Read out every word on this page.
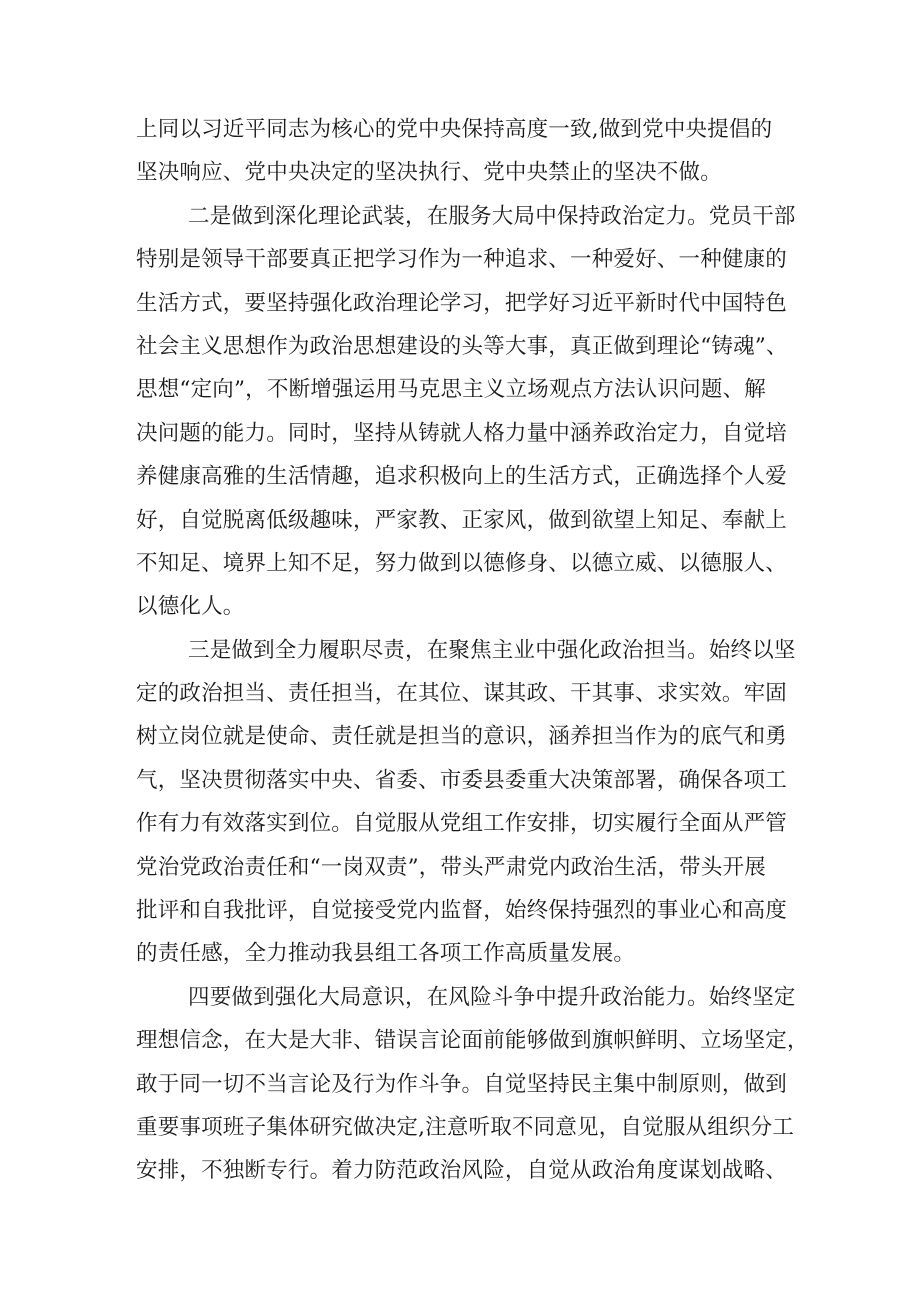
上同以习近平同志为核心的党中央保持高度一致,做到党中央提倡的
坚决响应、党中央决定的坚决执行、党中央禁止的坚决不做。
二是做到深化理论武装，在服务大局中保持政治定力。党员干部
特别是领导干部要真正把学习作为一种追求、一种爱好、一种健康的
生活方式，要坚持强化政治理论学习，把学好习近平新时代中国特色
社会主义思想作为政治思想建设的头等大事，真正做到理论“铸魂”、
思想“定向”，不断增强运用马克思主义立场观点方法认识问题、解
决问题的能力。同时，坚持从铸就人格力量中涵养政治定力，自觉培
养健康高雅的生活情趣，追求积极向上的生活方式，正确选择个人爱
好，自觉脱离低级趣味，严家教、正家风，做到欲望上知足、奉献上
不知足、境界上知不足，努力做到以德修身、以德立威、以德服人、
以德化人。
三是做到全力履职尽责，在聚焦主业中强化政治担当。始终以坚
定的政治担当、责任担当，在其位、谋其政、干其事、求实效。牢固
树立岗位就是使命、责任就是担当的意识，涵养担当作为的底气和勇
气，坚决贯彻落实中央、省委、市委县委重大决策部署，确保各项工
作有力有效落实到位。自觉服从党组工作安排，切实履行全面从严管
党治党政治责任和“一岗双责”，带头严肃党内政治生活，带头开展
批评和自我批评，自觉接受党内监督，始终保持强烈的事业心和高度
的责任感，全力推动我县组工各项工作高质量发展。
四要做到强化大局意识，在风险斗争中提升政治能力。始终坚定
理想信念，在大是大非、错误言论面前能够做到旗帜鲜明、立场坚定，
敢于同一切不当言论及行为作斗争。自觉坚持民主集中制原则，做到
重要事项班子集体研究做决定,注意听取不同意见，自觉服从组织分工
安排，不独断专行。着力防范政治风险，自觉从政治角度谋划战略、
